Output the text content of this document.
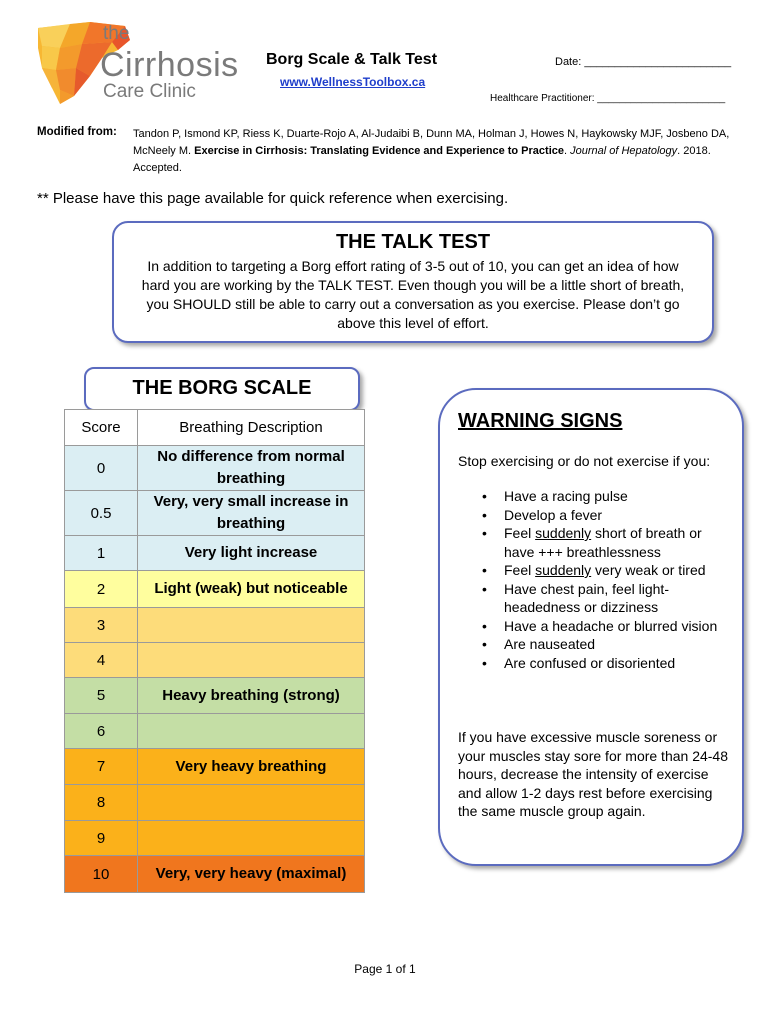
the
Cirrhosis
Care Clinic
Borg Scale & Talk Test
www.WellnessToolbox.ca
Date: ________________________
Healthcare Practitioner: _______________________
Modified from: Tandon P, Ismond KP, Riess K, Duarte-Rojo A, Al-Judaibi B, Dunn MA, Holman J, Howes N, Haykowsky MJF, Josbeno DA, McNeely M. Exercise in Cirrhosis: Translating Evidence and Experience to Practice. Journal of Hepatology. 2018. Accepted.
** Please have this page available for quick reference when exercising.
THE TALK TEST
In addition to targeting a Borg effort rating of 3-5 out of 10, you can get an idea of how hard you are working by the TALK TEST. Even though you will be a little short of breath, you SHOULD still be able to carry out a conversation as you exercise. Please don’t go above this level of effort.
THE BORG SCALE
Score	Breathing Description
0	No difference from normal breathing
0.5	Very, very small increase in breathing
1	Very light increase
2	Light (weak) but noticeable
3	
4	
5	Heavy breathing (strong)
6	
7	Very heavy breathing
8	
9	
10	Very, very heavy (maximal)
WARNING SIGNS
Stop exercising or do not exercise if you:
• Have a racing pulse
• Develop a fever
• Feel suddenly short of breath or have +++ breathlessness
• Feel suddenly very weak or tired
• Have chest pain, feel light-headedness or dizziness
• Have a headache or blurred vision
• Are nauseated
• Are confused or disoriented
If you have excessive muscle soreness or your muscles stay sore for more than 24-48 hours, decrease the intensity of exercise and allow 1-2 days rest before exercising the same muscle group again.
Page 1 of 1
